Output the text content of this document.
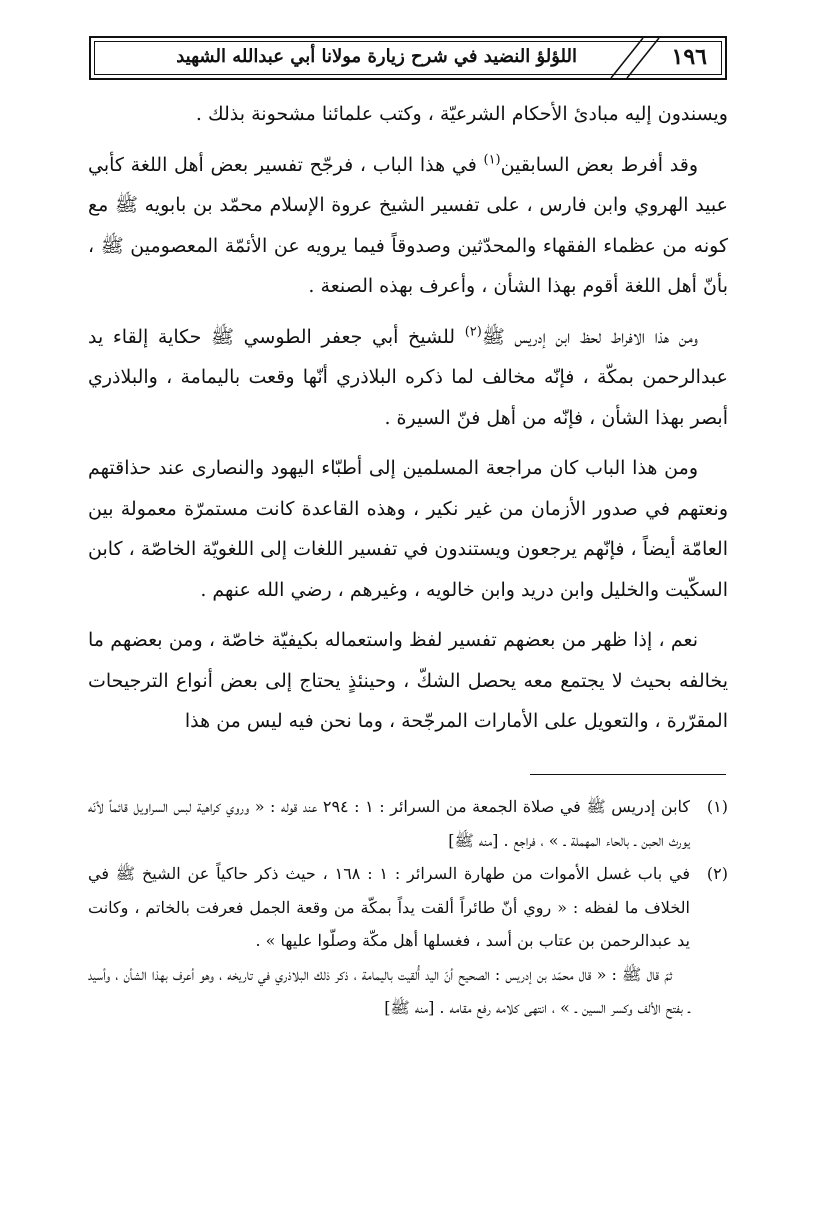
١٩٦
اللؤلؤ النضيد في شرح زيارة مولانا أبي عبدالله الشهيد

ويسندون إليه مبادئ الأحكام الشرعيّة ، وكتب علمائنا مشحونة بذلك .

وقد أفرط بعض السابقين$^{(١)}$ في هذا الباب ، فرجّح تفسير بعض أهل اللغة كأبي عبيد الهروي وابن فارس ، على تفسير الشيخ عروة الإسلام محمّد بن بابويه ﷺ مع كونه من عظماء الفقهاء والمحدّثين وصدوقاً فيما يرويه عن الأئمّة المعصومين ﷺ ، بأنّ أهل اللغة أقوم بهذا الشأن ، وأعرف بهذه الصنعة .

ومن هذا الافراط لحظ ابن إدريس ﷺ$^{(٢)}$ للشيخ أبي جعفر الطوسي ﷺ حكاية إلقاء يد عبدالرحمن بمكّة ، فإنّه مخالف لما ذكره البلاذري أنّها وقعت باليمامة ، والبلاذري أبصر بهذا الشأن ، فإنّه من أهل فنّ السيرة .

ومن هذا الباب كان مراجعة المسلمين إلى أطبّاء اليهود والنصارى عند حذاقتهم ونعتهم في صدور الأزمان من غير نكير ، وهذه القاعدة كانت مستمرّة معمولة بين العامّة أيضاً ، فإنّهم يرجعون ويستندون في تفسير اللغات إلى اللغويّة الخاصّة ، كابن السكّيت والخليل وابن دريد وابن خالويه ، وغيرهم ، رضي الله عنهم .

نعم ، إذا ظهر من بعضهم تفسير لفظ واستعماله بكيفيّة خاصّة ، ومن بعضهم ما يخالفه بحيث لا يجتمع معه يحصل الشكّ ، وحينئذٍ يحتاج إلى بعض أنواع الترجيحات المقرّرة ، والتعويل على الأمارات المرجّحة ، وما نحن فيه ليس من هذا

(١)
كابن إدريس ﷺ في صلاة الجمعة من السرائر : ١ : ٢٩٤ عند قوله : « وروي كراهية لبس السراويل قائماً لأنّه يورث الحبن ـ بالحاء المهملة ـ » ، فراجع . [منه ﷺ]
(٢)
في باب غسل الأموات من طهارة السرائر : ١ : ١٦٨ ، حيث ذكر حاكياً عن الشيخ ﷺ في الخلاف ما لفظه : « روي أنّ طائراً ألقت يداً بمكّة من وقعة الجمل فعرفت بالخاتم ، وكانت يد عبدالرحمن بن عتاب بن أسد ، فغسلها أهل مكّة وصلّوا عليها » .

ثمّ قال ﷺ : « قال محمّد بن إدريس : الصحيح أنّ اليد أُلقيت باليمامة ، ذكر ذلك البلاذري في تاريخه ، وهو أعرف بهذا الشأن ، وأسيد ـ بفتح الألف وكسر السين ـ » ، انتهى كلامه رفع مقامه . [منه ﷺ]
